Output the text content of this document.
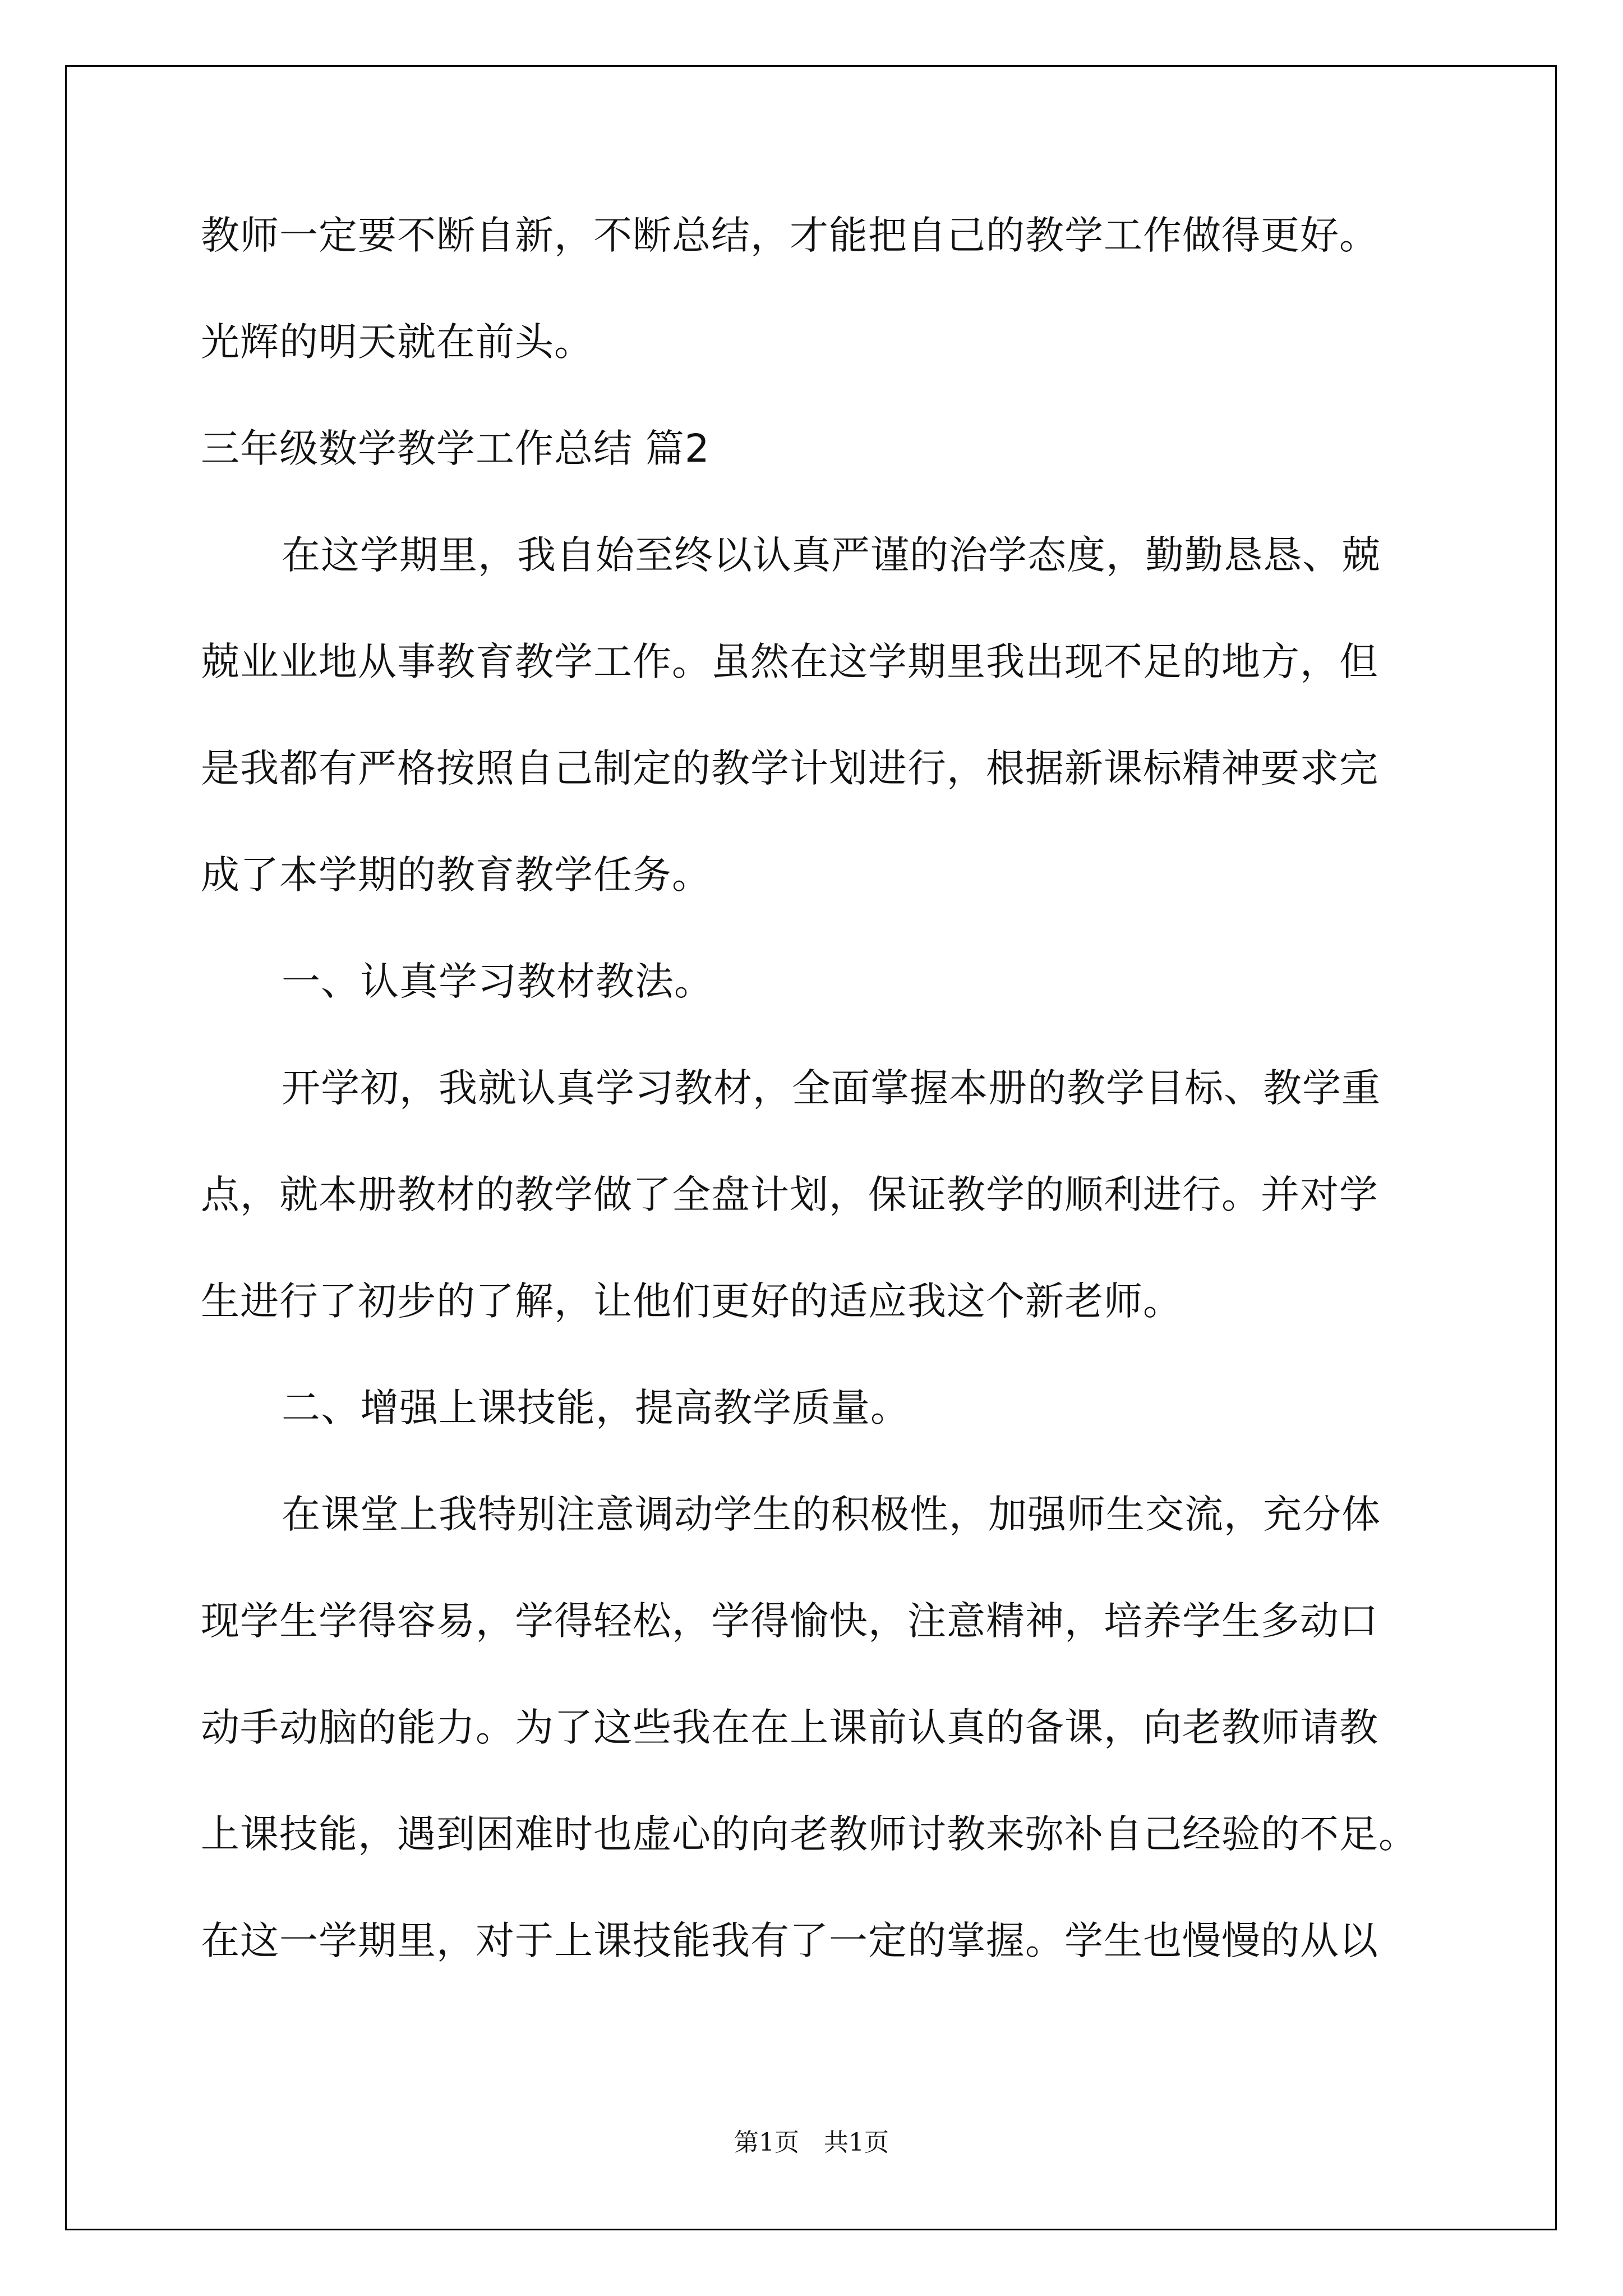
教师一定要不断自新，不断总结，才能把自己的教学工作做得更好。
光辉的明天就在前头。
三年级数学教学工作总结 篇2
在这学期里，我自始至终以认真严谨的治学态度，勤勤恳恳、兢
兢业业地从事教育教学工作。虽然在这学期里我出现不足的地方，但
是我都有严格按照自己制定的教学计划进行，根据新课标精神要求完
成了本学期的教育教学任务。
一、认真学习教材教法。
开学初，我就认真学习教材，全面掌握本册的教学目标、教学重
点，就本册教材的教学做了全盘计划，保证教学的顺利进行。并对学
生进行了初步的了解，让他们更好的适应我这个新老师。
二、增强上课技能，提高教学质量。
在课堂上我特别注意调动学生的积极性，加强师生交流，充分体
现学生学得容易，学得轻松，学得愉快，注意精神，培养学生多动口
动手动脑的能力。为了这些我在在上课前认真的备课，向老教师请教
上课技能，遇到困难时也虚心的向老教师讨教来弥补自己经验的不足。
在这一学期里，对于上课技能我有了一定的掌握。学生也慢慢的从以
第1页　共1页
